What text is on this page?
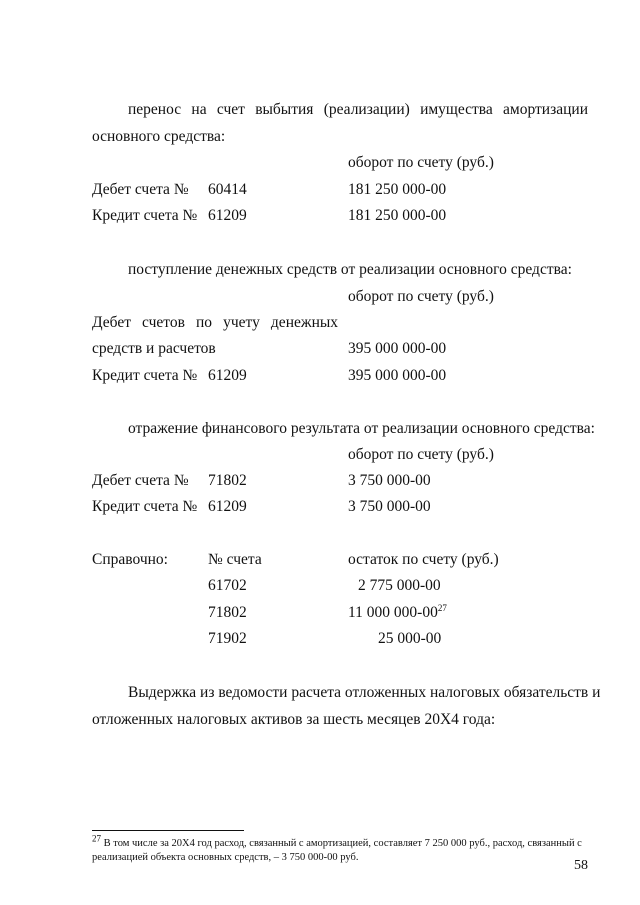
перенос на счет выбытия (реализации) имущества амортизации
основного средства:
оборот по счету (руб.)
Дебет счета № 60414	181 250 000-00
Кредит счета № 61209	181 250 000-00
поступление денежных средств от реализации основного средства:
оборот по счету (руб.)
Дебет счетов по учету денежных
средств и расчетов	395 000 000-00
Кредит счета № 61209	395 000 000-00
отражение финансового результата от реализации основного средства:
оборот по счету (руб.)
Дебет счета № 71802	3 750 000-00
Кредит счета № 61209	3 750 000-00
Справочно:	№ счета	остаток по счету (руб.)
61702	2 775 000-00
71802	11 000 $000-00^{27}$
71902	25 000-00
Выдержка из ведомости расчета отложенных налоговых обязательств и
отложенных налоговых активов за шесть месяцев 20Х4 года:
$^{27}$ В том числе за 20Х4 год расход, связанный с амортизацией, составляет 7 250 000 руб., расход, связанный с
реализацией объекта основных средств, – 3 750 000-00 руб.
58
